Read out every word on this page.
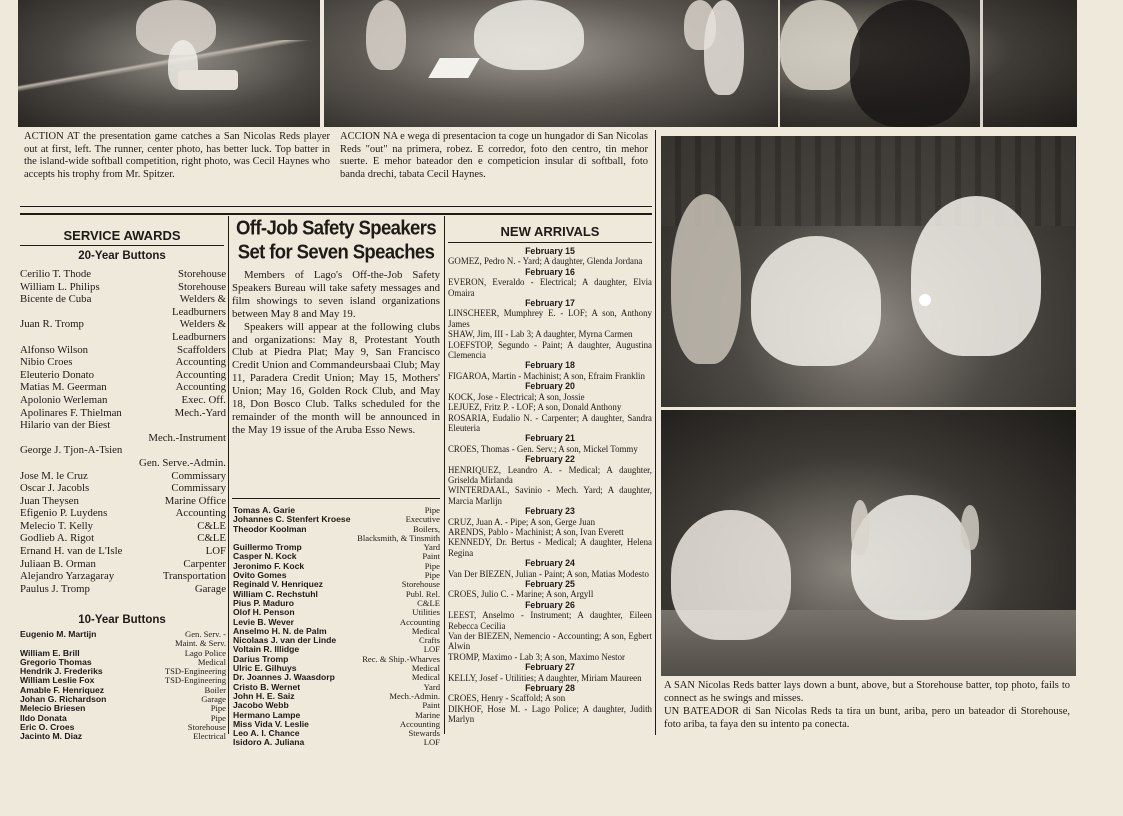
ACTION AT the presentation game catches a San Nicolas Reds player out at first, left. The runner, center photo, has better luck. Top batter in the island-wide softball competition, right photo, was Cecil Haynes who accepts his trophy from Mr. Spitzer.
ACCION NA e wega di presentacion ta coge un hungador di San Nicolas Reds "out" na primera, robez. E corredor, foto den centro, tin mehor suerte. E mehor bateador den e competicion insular di softball, foto banda drechi, tabata Cecil Haynes.
A SAN Nicolas Reds batter lays down a bunt, above, but a Storehouse batter, top photo, fails to connect as he swings and misses.
UN BATEADOR di San Nicolas Reds ta tira un bunt, ariba, pero un bateador di Storehouse, foto ariba, ta faya den su intento pa conecta.
SERVICE AWARDS
20-Year Buttons
Cerilio T. Thode	Storehouse
William L. Philips	Storehouse
Bicente de Cuba	Welders &
Leadburners
Juan R. Tromp	Welders &
Leadburners
Alfonso Wilson	Scaffolders
Nibio Croes	Accounting
Eleuterio Donato	Accounting
Matias M. Geerman	Accounting
Apolonio Werleman	Exec. Off.
Apolinares F. Thielman	Mech.-Yard
Hilario van der Biest
Mech.-Instrument
George J. Tjon-A-Tsien
Gen. Serve.-Admin.
Jose M. le Cruz	Commissary
Oscar J. Jacobls	Commissary
Juan Theysen	Marine Office
Efigenio P. Luydens	Accounting
Melecio T. Kelly	C&LE
Godlieb A. Rigot	C&LE
Ernand H. van de L'Isle	LOF
Juliaan B. Orman	Carpenter
Alejandro Yarzagaray	Transportation
Paulus J. Tromp	Garage
10-Year Buttons
Eugenio M. Martijn	Gen. Serv. -
Maint. & Serv.
William E. Brill	Lago Police
Gregorio Thomas	Medical
Hendrik J. Frederiks	TSD-Engineering
William Leslie Fox	TSD-Engineering
Amable F. Henriquez	Boiler
Johan G. Richardson	Garage
Melecio Briesen	Pipe
Ildo Donata	Pipe
Eric O. Croes	Storehouse
Jacinto M. Diaz	Electrical
Off-Job Safety Speakers
Set for Seven Speaches

Members of Lago's Off-the-Job Safety Speakers Bureau will take safety messages and film showings to seven island organizations between May 8 and May 19.

Speakers will appear at the following clubs and organizations: May 8, Protestant Youth Club at Piedra Plat; May 9, San Francisco Credit Union and Commandeursbaai Club; May 11, Paradera Credit Union; May 15, Mothers' Union; May 16, Golden Rock Club, and May 18, Don Bosco Club. Talks scheduled for the remainder of the month will be announced in the May 19 issue of the Aruba Esso News.

Tomas A. Garie	Pipe
Johannes C. Stenfert Kroese	Executive
Theodor Koolman	Boilers,
Blacksmith, & Tinsmith
Guillermo Tromp	Yard
Casper N. Kock	Paint
Jeronimo F. Kock	Pipe
Ovito Gomes	Pipe
Reginald V. Henriquez	Storehouse
William C. Rechstuhl	Publ. Rel.
Pius P. Maduro	C&LE
Olof H. Penson	Utilities
Levie B. Wever	Accounting
Anselmo H. N. de Palm	Medical
Nicolaas J. van der Linde	Crafts
Voltain R. Illidge	LOF
Darius Tromp	Rec. & Ship.-Wharves
Ulric E. Gilhuys	Medical
Dr. Joannes J. Waasdorp	Medical
Cristo B. Wernet	Yard
John H. E. Saiz	Mech.-Admin.
Jacobo Webb	Paint
Hermano Lampe	Marine
Miss Vida V. Leslie	Accounting
Leo A. I. Chance	Stewards
Isidoro A. Juliana	LOF
NEW ARRIVALS
February 15
GOMEZ, Pedro N. - Yard; A daughter, Glenda Jordana
February 16
EVERON, Everaldo - Electrical; A daughter, Elvia Omaira
February 17
LINSCHEER, Mumphrey E. - LOF; A son, Anthony James
SHAW, Jim, III - Lab 3; A daughter, Myrna Carmen
LOEFSTOP, Segundo - Paint; A daughter, Augustina Clemencia
February 18
FIGAROA, Martin - Machinist; A son, Efraim Franklin
February 20
KOCK, Jose - Electrical; A son, Jossie
LEJUEZ, Fritz P. - LOF; A son, Donald Anthony
ROSARIA, Eudalio N. - Carpenter; A daughter, Sandra Eleuteria
February 21
CROES, Thomas - Gen. Serv.; A son, Mickel Tommy
February 22
HENRIQUEZ, Leandro A. - Medical; A daughter, Griselda Mirlanda
WINTERDAAL, Savinio - Mech. Yard; A daughter, Marcia Marlijn
February 23
CRUZ, Juan A. - Pipe; A son, Gerge Juan
ARENDS, Pablo - Machinist; A son, Ivan Everett
KENNEDY, Dr. Bertus - Medical; A daughter, Helena Regina
February 24
Van Der BIEZEN, Julian - Paint; A son, Matias Modesto
February 25
CROES, Julio C. - Marine; A son, Argyll
February 26
LEEST, Anselmo - Instrument; A daughter, Eileen Rebecca Cecilia
Van der BIEZEN, Nemencio - Accounting; A son, Egbert Alwin
TROMP, Maximo - Lab 3; A son, Maximo Nestor
February 27
KELLY, Josef - Utilities; A daughter, Miriam Maureen
February 28
CROES, Henry - Scaffold; A son
DIKHOF, Hose M. - Lago Police; A daughter, Judith Marlyn
